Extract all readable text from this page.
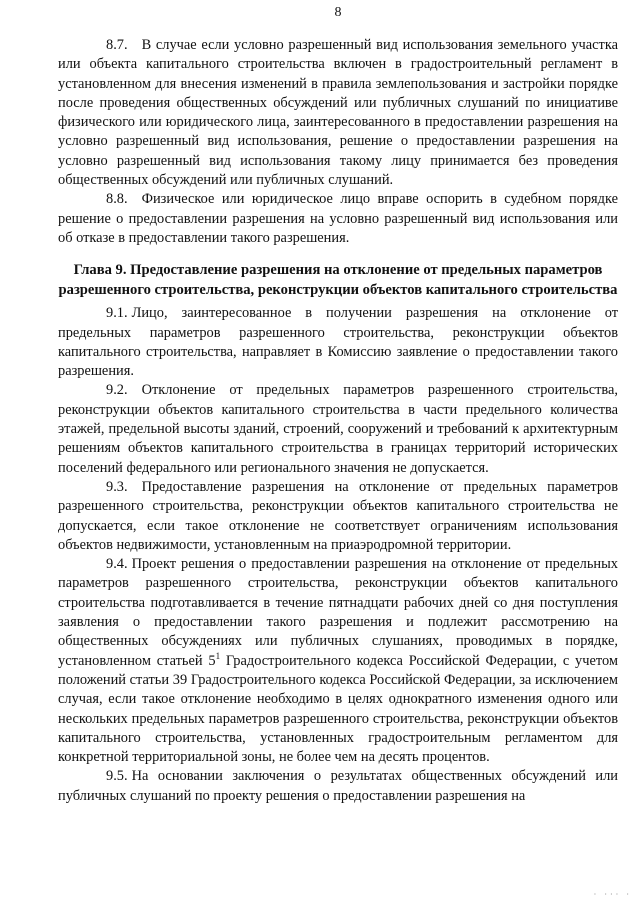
8

8.7. В случае если условно разрешенный вид использования земельного участка или объекта капитального строительства включен в градостроительный регламент в установленном для внесения изменений в правила землепользования и застройки порядке после проведения общественных обсуждений или публичных слушаний по инициативе физического или юридического лица, заинтересованного в предоставлении разрешения на условно разрешенный вид использования, решение о предоставлении разрешения на условно разрешенный вид использования такому лицу принимается без проведения общественных обсуждений или публичных слушаний.

8.8. Физическое или юридическое лицо вправе оспорить в судебном порядке решение о предоставлении разрешения на условно разрешенный вид использования или об отказе в предоставлении такого разрешения.

Глава 9. Предоставление разрешения на отклонение от предельных параметров разрешенного строительства, реконструкции объектов капитального строительства

9.1. Лицо, заинтересованное в получении разрешения на отклонение от предельных параметров разрешенного строительства, реконструкции объектов капитального строительства, направляет в Комиссию заявление о предоставлении такого разрешения.

9.2. Отклонение от предельных параметров разрешенного строительства, реконструкции объектов капитального строительства в части предельного количества этажей, предельной высоты зданий, строений, сооружений и требований к архитектурным решениям объектов капитального строительства в границах территорий исторических поселений федерального или регионального значения не допускается.

9.3. Предоставление разрешения на отклонение от предельных параметров разрешенного строительства, реконструкции объектов капитального строительства не допускается, если такое отклонение не соответствует ограничениям использования объектов недвижимости, установленным на приаэродромной территории.

9.4. Проект решения о предоставлении разрешения на отклонение от предельных параметров разрешенного строительства, реконструкции объектов капитального строительства подготавливается в течение пятнадцати рабочих дней со дня поступления заявления о предоставлении такого разрешения и подлежит рассмотрению на общественных обсуждениях или публичных слушаниях, проводимых в порядке, установленном статьей $5^1$ Градостроительного кодекса Российской Федерации, с учетом положений статьи 39 Градостроительного кодекса Российской Федерации, за исключением случая, если такое отклонение необходимо в целях однократного изменения одного или нескольких предельных параметров разрешенного строительства, реконструкции объектов капитального строительства, установленных градостроительным регламентом для конкретной территориальной зоны, не более чем на десять процентов.

9.5. На основании заключения о результатах общественных обсуждений или публичных слушаний по проекту решения о предоставлении разрешения на

· ··· ·
